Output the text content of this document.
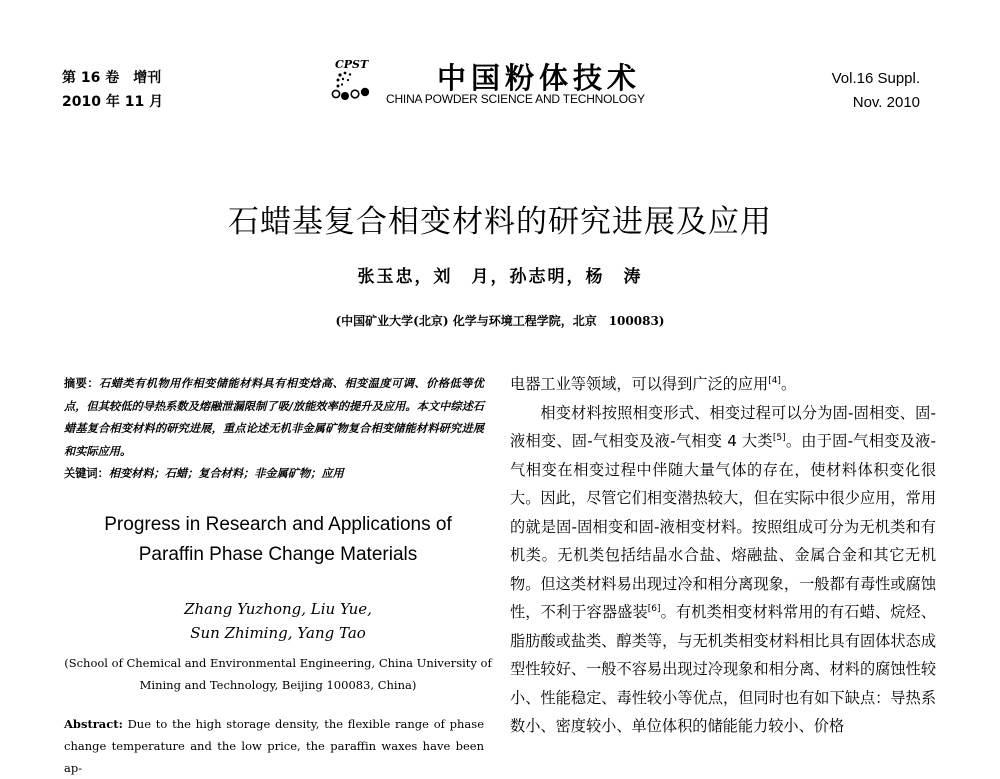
第 16 卷　增刊
2010 年 11 月
CPST 中国粉体技术
CHINA POWDER SCIENCE AND TECHNOLOGY
Vol.16 Suppl.
Nov. 2010
石蜡基复合相变材料的研究进展及应用
张玉忠，刘　月，孙志明，杨　涛
(中国矿业大学(北京) 化学与环境工程学院，北京　100083)

摘要：石蜡类有机物用作相变储能材料具有相变焓高、相变温度可调、价格低等优点，但其较低的导热系数及熔融泄漏限制了吸/放能效率的提升及应用。本文中综述石蜡基复合相变材料的研究进展，重点论述无机非金属矿物复合相变储能材料研究进展和实际应用。

关键词：相变材料；石蜡；复合材料；非金属矿物；应用

Progress in Research and Applications of
Paraffin Phase Change Materials
Zhang Yuzhong, Liu Yue,
Sun Zhiming, Yang Tao
(School of Chemical and Environmental Engineering, China University of
Mining and Technology, Beijing 100083, China)
Abstract: Due to the high storage density, the flexible range of phase change temperature and the low price, the paraffin waxes have been ap-

电器工业等领域，可以得到广泛的应用[4]。

相变材料按照相变形式、相变过程可以分为固-固相变、固-液相变、固-气相变及液-气相变 4 大类[5]。由于固-气相变及液-气相变在相变过程中伴随大量气体的存在，使材料体积变化很大。因此，尽管它们相变潜热较大，但在实际中很少应用，常用的就是固-固相变和固-液相变材料。按照组成可分为无机类和有机类。无机类包括结晶水合盐、熔融盐、金属合金和其它无机物。但这类材料易出现过冷和相分离现象，一般都有毒性或腐蚀性，不利于容器盛装[6]。有机类相变材料常用的有石蜡、烷烃、脂肪酸或盐类、醇类等，与无机类相变材料相比具有固体状态成型性较好、一般不容易出现过冷现象和相分离、材料的腐蚀性较小、性能稳定、毒性较小等优点，但同时也有如下缺点：导热系数小、密度较小、单位体积的储能能力较小、价格
